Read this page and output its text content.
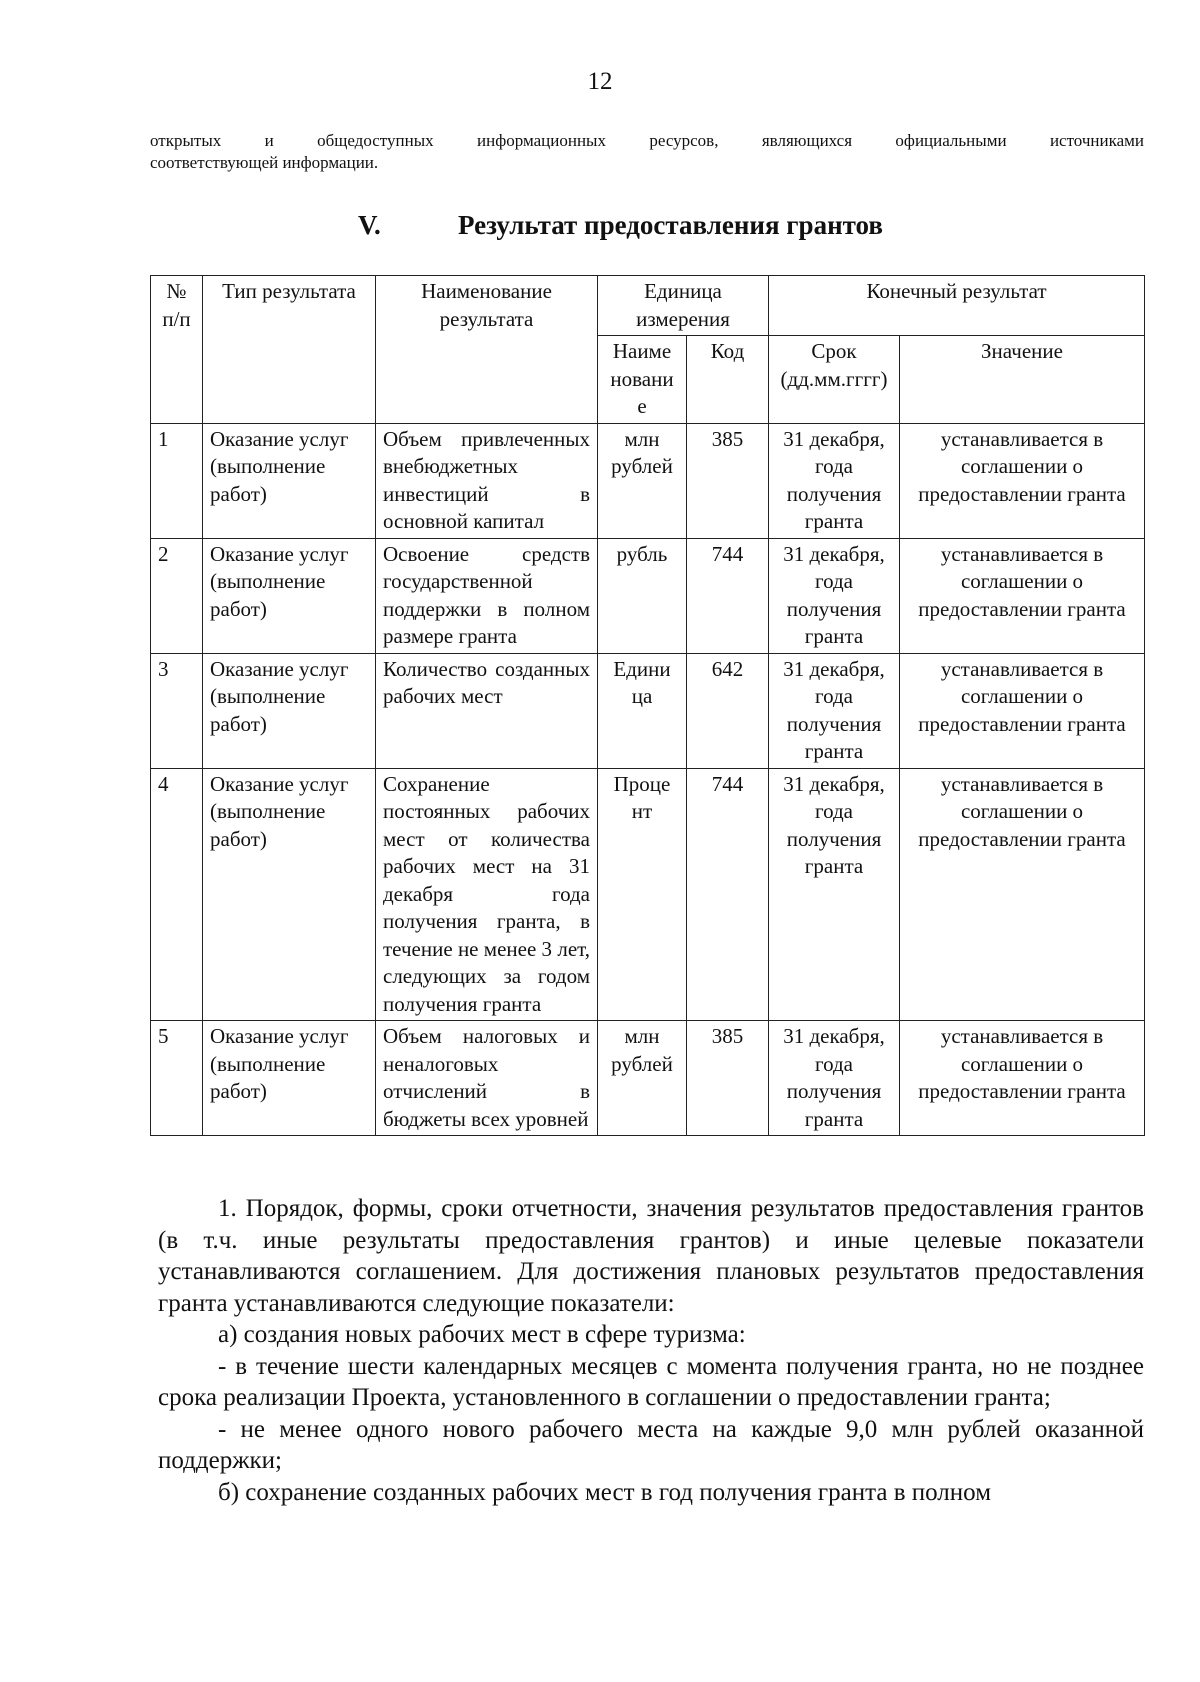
12
открытых и общедоступных информационных ресурсов, являющихся официальными источниками
соответствующей информации.
V.	Результат предоставления грантов
№ п/п	Тип результата	Наименование результата	Единица измерения		Конечный результат	
			Наиме новани е	Код	Срок (дд.мм.гггг)	Значение
1	Оказание услуг (выполнение работ)	Объем привлеченных внебюджетных инвестиций в основной капитал	млн рублей	385	31 декабря, года получения гранта	устанавливается в соглашении о предоставлении гранта
2	Оказание услуг (выполнение работ)	Освоение средств государственной поддержки в полном размере гранта	рубль	744	31 декабря, года получения гранта	устанавливается в соглашении о предоставлении гранта
3	Оказание услуг (выполнение работ)	Количество созданных рабочих мест	Едини ца	642	31 декабря, года получения гранта	устанавливается в соглашении о предоставлении гранта
4	Оказание услуг (выполнение работ)	Сохранение постоянных рабочих мест от количества рабочих мест на 31 декабря года получения гранта, в течение не менее 3 лет, следующих за годом получения гранта	Проце нт	744	31 декабря, года получения гранта	устанавливается в соглашении о предоставлении гранта
5	Оказание услуг (выполнение работ)	Объем налоговых и неналоговых отчислений в бюджеты всех уровней	млн рублей	385	31 декабря, года получения гранта	устанавливается в соглашении о предоставлении гранта

1. Порядок, формы, сроки отчетности, значения результатов предоставления грантов (в т.ч. иные результаты предоставления грантов) и иные целевые показатели устанавливаются соглашением. Для достижения плановых результатов предоставления гранта устанавливаются следующие показатели:

а) создания новых рабочих мест в сфере туризма:

- в течение шести календарных месяцев с момента получения гранта, но не позднее срока реализации Проекта, установленного в соглашении о предоставлении гранта;

- не менее одного нового рабочего места на каждые 9,0 млн рублей оказанной поддержки;

б) сохранение созданных рабочих мест в год получения гранта в полном
